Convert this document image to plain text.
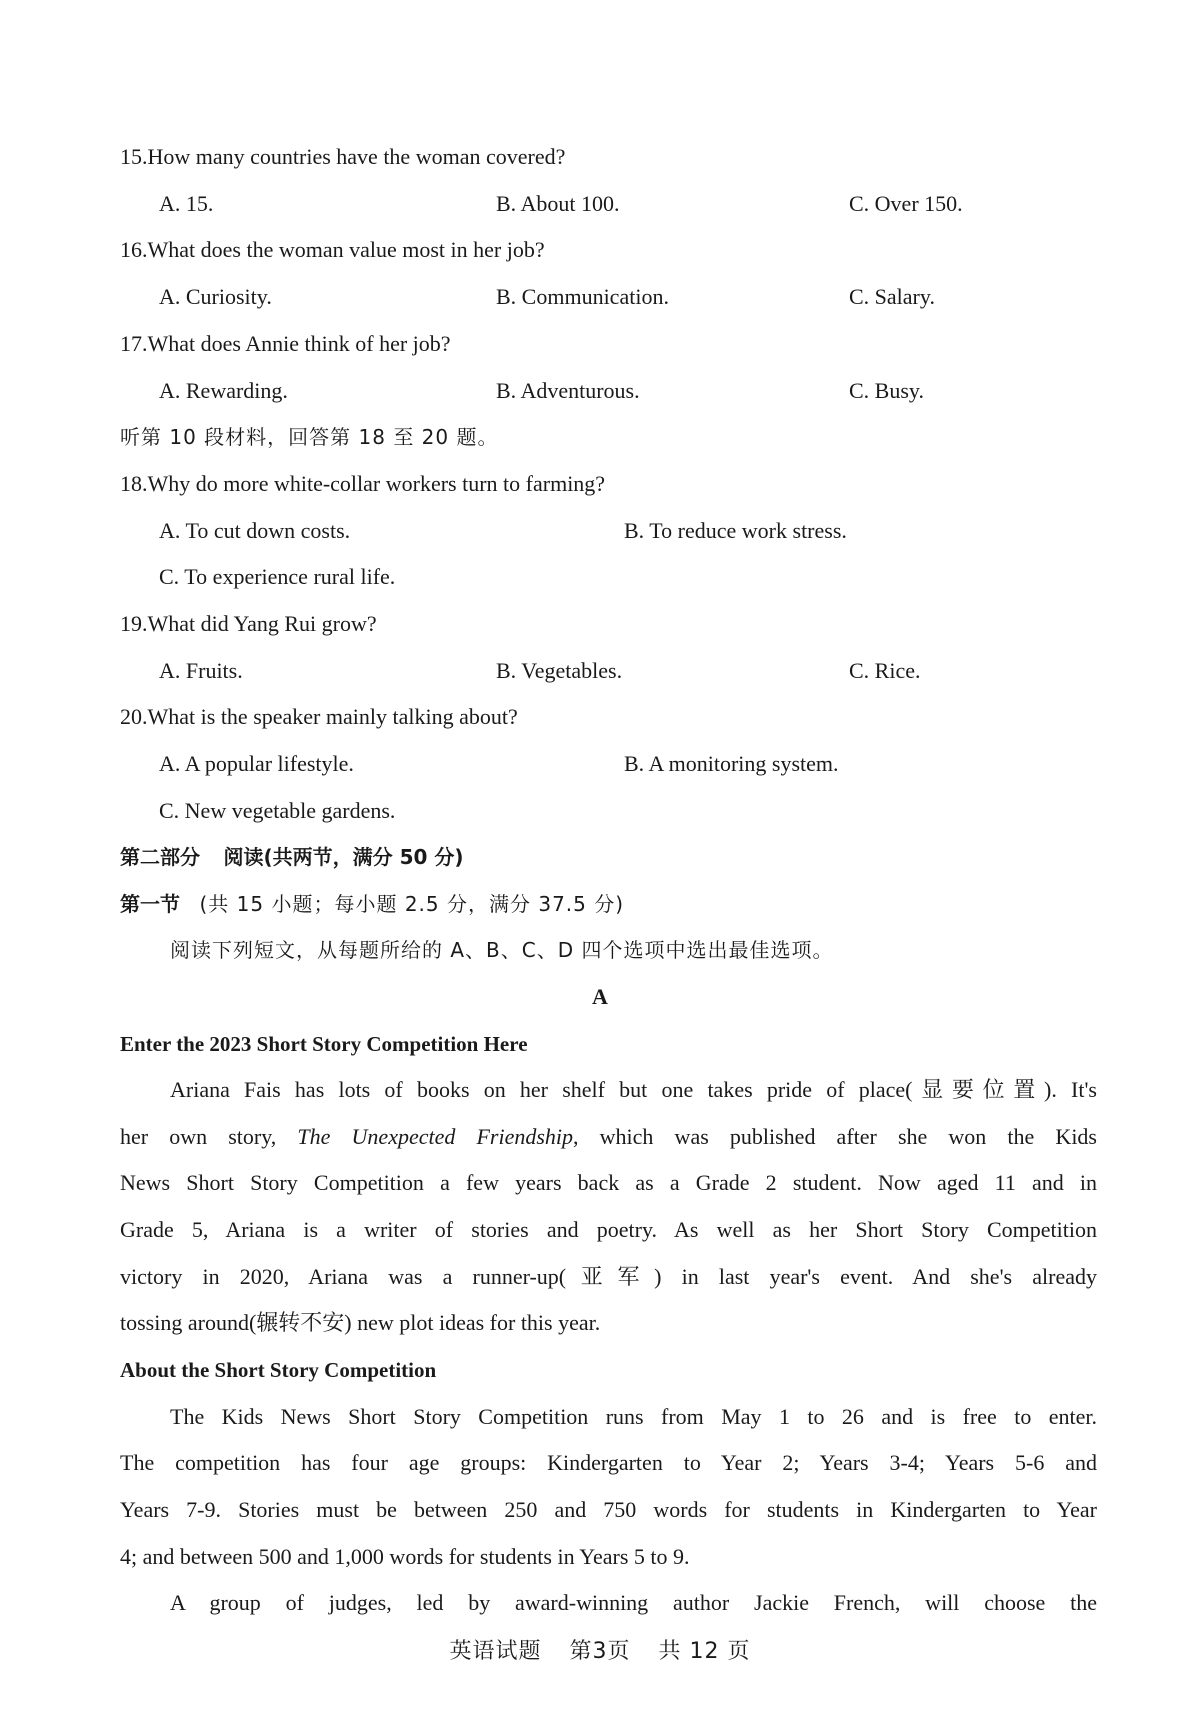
15.How many countries have the woman covered?
A. 15.	B. About 100.	C. Over 150.
16.What does the woman value most in her job?
A. Curiosity.	B. Communication.	C. Salary.
17.What does Annie think of her job?
A. Rewarding.	B. Adventurous.	C. Busy.
听第 10 段材料，回答第 18 至 20 题。
18.Why do more white-collar workers turn to farming?
A. To cut down costs.	B. To reduce work stress.
C. To experience rural life.
19.What did Yang Rui grow?
A. Fruits.	B. Vegetables.	C. Rice.
20.What is the speaker mainly talking about?
A. A popular lifestyle.	B. A monitoring system.
C. New vegetable gardens.
第二部分 阅读(共两节，满分 50 分)
第一节 (共 15 小题；每小题 2.5 分，满分 37.5 分)
阅读下列短文，从每题所给的 A、B、C、D 四个选项中选出最佳选项。
A
Enter the 2023 Short Story Competition Here
Ariana Fais has lots of books on her shelf but one takes pride of place(显要位置). It's
her own story, The Unexpected Friendship, which was published after she won the Kids
News Short Story Competition a few years back as a Grade 2 student. Now aged 11 and in
Grade 5, Ariana is a writer of stories and poetry. As well as her Short Story Competition
victory in 2020, Ariana was a runner-up(亚军) in last year's event. And she's already
tossing around(辗转不安) new plot ideas for this year.
About the Short Story Competition
The Kids News Short Story Competition runs from May 1 to 26 and is free to enter.
The competition has four age groups: Kindergarten to Year 2; Years 3-4; Years 5-6 and
Years 7-9. Stories must be between 250 and 750 words for students in Kindergarten to Year
4; and between 500 and 1,000 words for students in Years 5 to 9.
A group of judges, led by award-winning author Jackie French, will choose the
英语试题 第3页 共 12 页
